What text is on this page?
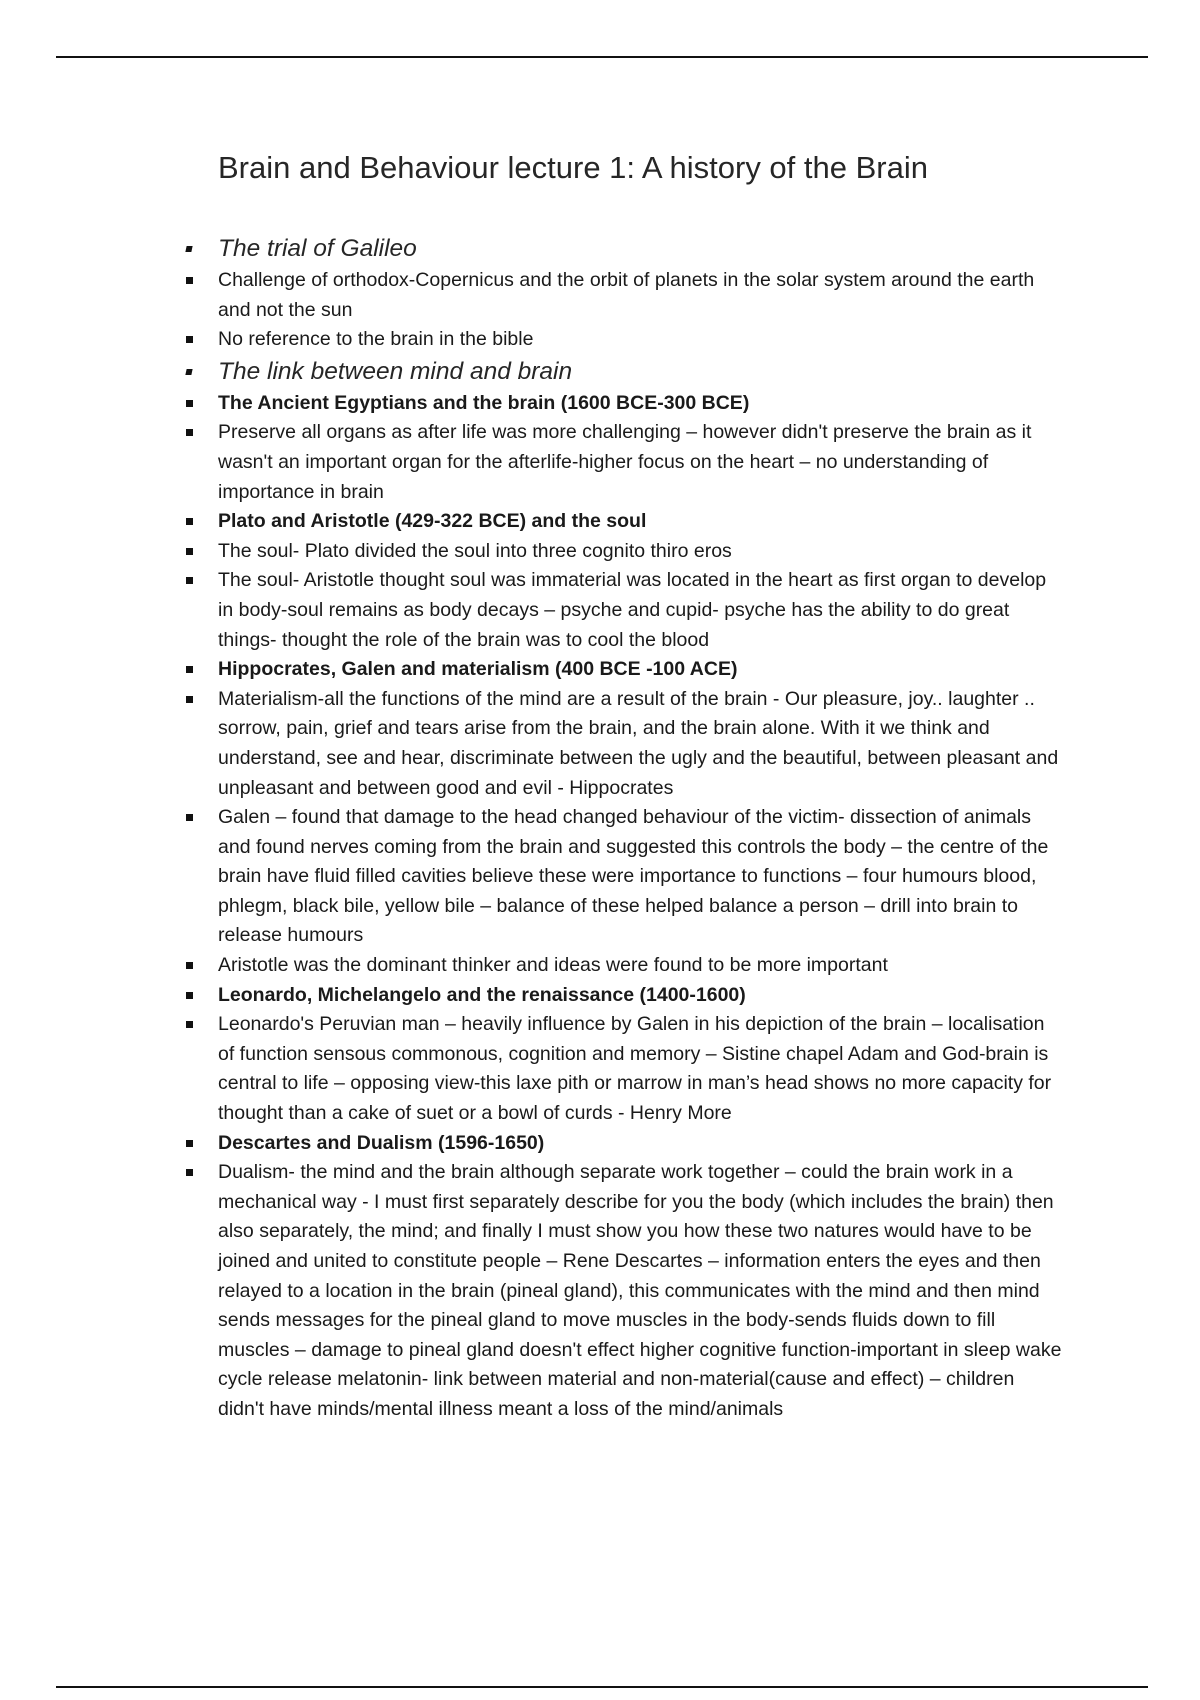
Brain and Behaviour lecture 1: A history of the Brain
The trial of Galileo
Challenge of orthodox-Copernicus and the orbit of planets in the solar system around the earth and not the sun
No reference to the brain in the bible
The link between mind and brain
The Ancient Egyptians and the brain (1600 BCE-300 BCE)
Preserve all organs as after life was more challenging – however didn't preserve the brain as it wasn't an important organ for the afterlife-higher focus on the heart – no understanding of importance in brain
Plato and Aristotle (429-322 BCE) and the soul
The soul- Plato divided the soul into three cognito thiro eros
The soul- Aristotle thought soul was immaterial was located in the heart as first organ to develop in body-soul remains as body decays – psyche and cupid- psyche has the ability to do great things- thought the role of the brain was to cool the blood
Hippocrates, Galen and materialism (400 BCE -100 ACE)
Materialism-all the functions of the mind are a result of the brain - Our pleasure, joy.. laughter .. sorrow, pain, grief and tears arise from the brain, and the brain alone. With it we think and understand, see and hear, discriminate between the ugly and the beautiful, between pleasant and unpleasant and between good and evil - Hippocrates
Galen – found that damage to the head changed behaviour of the victim- dissection of animals and found nerves coming from the brain and suggested this controls the body – the centre of the brain have fluid filled cavities believe these were importance to functions – four humours blood, phlegm, black bile, yellow bile – balance of these helped balance a person – drill into brain to release humours
Aristotle was the dominant thinker and ideas were found to be more important
Leonardo, Michelangelo and the renaissance (1400-1600)
Leonardo's Peruvian man – heavily influence by Galen in his depiction of the brain – localisation of function sensous commonous, cognition and memory – Sistine chapel Adam and God-brain is central to life – opposing view-this laxe pith or marrow in man’s head shows no more capacity for thought than a cake of suet or a bowl of curds - Henry More
Descartes and Dualism (1596-1650)
Dualism- the mind and the brain although separate work together – could the brain work in a mechanical way - I must first separately describe for you the body (which includes the brain) then also separately, the mind; and finally I must show you how these two natures would have to be joined and united to constitute people – Rene Descartes – information enters the eyes and then relayed to a location in the brain (pineal gland), this communicates with the mind and then mind sends messages for the pineal gland to move muscles in the body-sends fluids down to fill muscles – damage to pineal gland doesn't effect higher cognitive function-important in sleep wake cycle release melatonin- link between material and non-material(cause and effect) – children didn't have minds/mental illness meant a loss of the mind/animals
